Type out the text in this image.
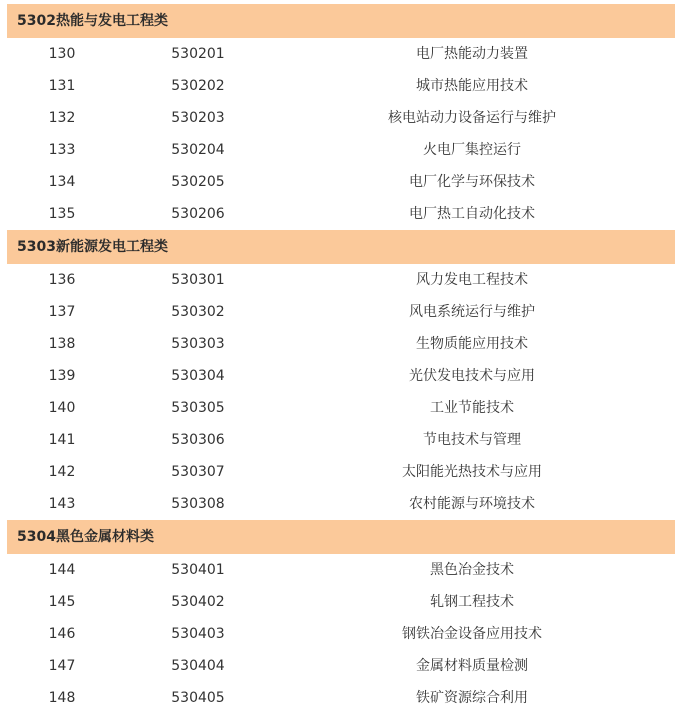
5302热能与发电工程类
130	530201	电厂热能动力装置
131	530202	城市热能应用技术
132	530203	核电站动力设备运行与维护
133	530204	火电厂集控运行
134	530205	电厂化学与环保技术
135	530206	电厂热工自动化技术
5303新能源发电工程类
136	530301	风力发电工程技术
137	530302	风电系统运行与维护
138	530303	生物质能应用技术
139	530304	光伏发电技术与应用
140	530305	工业节能技术
141	530306	节电技术与管理
142	530307	太阳能光热技术与应用
143	530308	农村能源与环境技术
5304黑色金属材料类
144	530401	黑色冶金技术
145	530402	轧钢工程技术
146	530403	钢铁冶金设备应用技术
147	530404	金属材料质量检测
148	530405	铁矿资源综合利用
